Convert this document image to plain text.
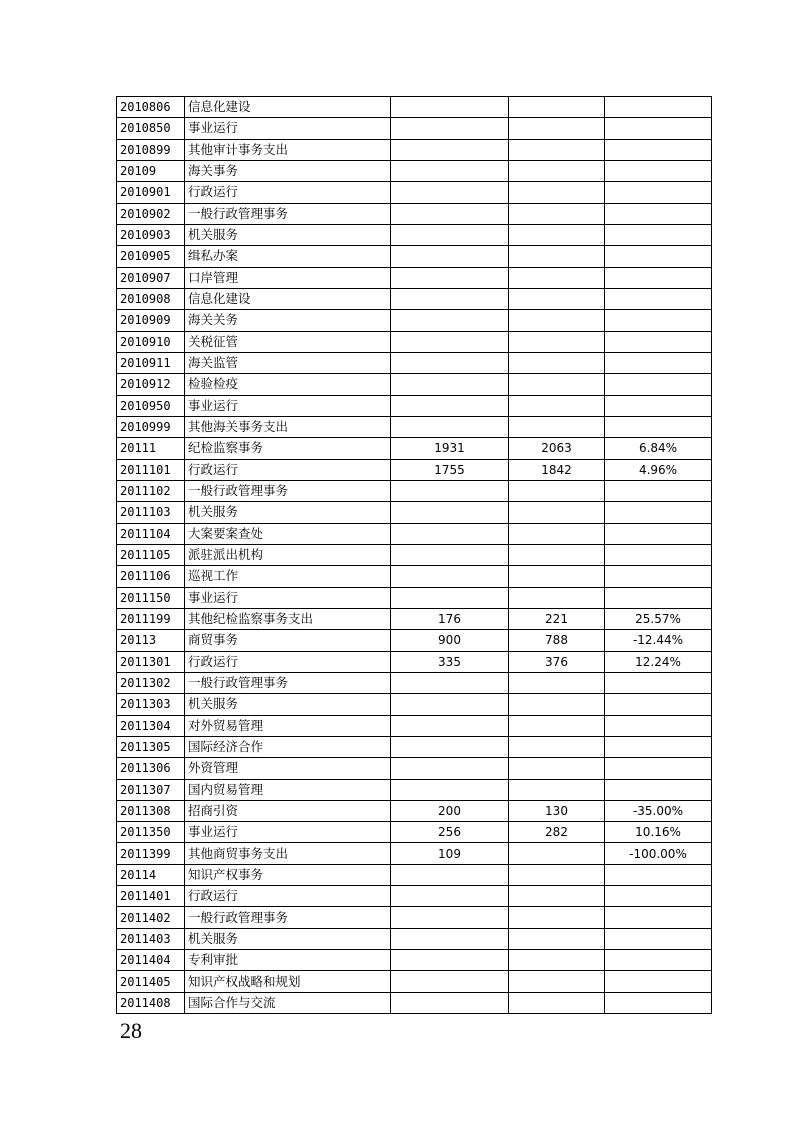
2010806	信息化建设			
2010850	事业运行			
2010899	其他审计事务支出			
20109	海关事务			
2010901	行政运行			
2010902	一般行政管理事务			
2010903	机关服务			
2010905	缉私办案			
2010907	口岸管理			
2010908	信息化建设			
2010909	海关关务			
2010910	关税征管			
2010911	海关监管			
2010912	检验检疫			
2010950	事业运行			
2010999	其他海关事务支出			
20111	纪检监察事务	1931	2063	6.84%
2011101	行政运行	1755	1842	4.96%
2011102	一般行政管理事务			
2011103	机关服务			
2011104	大案要案查处			
2011105	派驻派出机构			
2011106	巡视工作			
2011150	事业运行			
2011199	其他纪检监察事务支出	176	221	25.57%
20113	商贸事务	900	788	-12.44%
2011301	行政运行	335	376	12.24%
2011302	一般行政管理事务			
2011303	机关服务			
2011304	对外贸易管理			
2011305	国际经济合作			
2011306	外资管理			
2011307	国内贸易管理			
2011308	招商引资	200	130	-35.00%
2011350	事业运行	256	282	10.16%
2011399	其他商贸事务支出	109		-100.00%
20114	知识产权事务			
2011401	行政运行			
2011402	一般行政管理事务			
2011403	机关服务			
2011404	专利审批			
2011405	知识产权战略和规划			
2011408	国际合作与交流			
28
